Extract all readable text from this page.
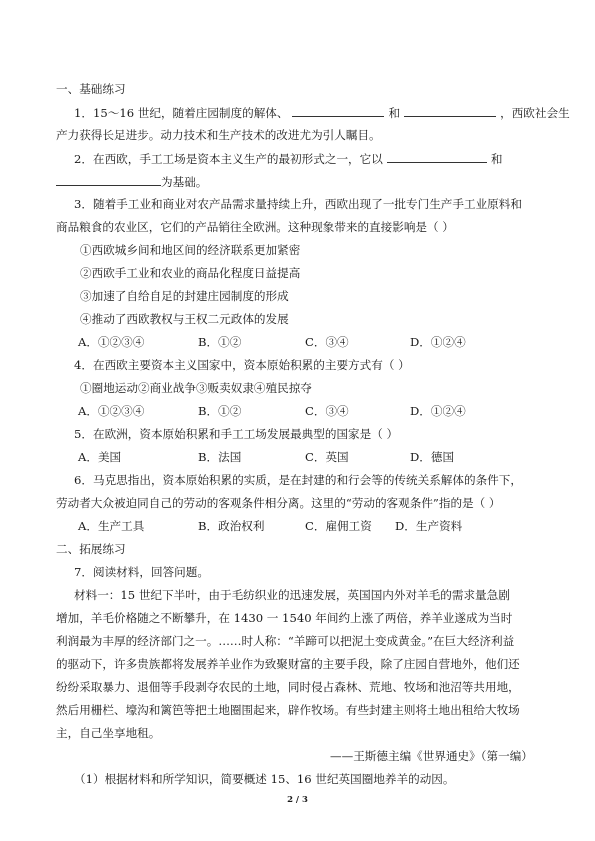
一、基础练习
1．15～16 世纪，随着庄园制度的解体、	和	，西欧社会生
产力获得长足进步。动力技术和生产技术的改进尤为引人瞩目。
2．在西欧，手工工场是资本主义生产的最初形式之一，它以	和
为基础。
3．随着手工业和商业对农产品需求量持续上升，西欧出现了一批专门生产手工业原料和
商品粮食的农业区，它们的产品销往全欧洲。这种现象带来的直接影响是（ ）
①西欧城乡间和地区间的经济联系更加紧密
②西欧手工业和农业的商品化程度日益提高
③加速了自给自足的封建庄园制度的形成
④推动了西欧教权与王权二元政体的发展
A．①②③④	B．①②	C．③④	D．①②④
4．在西欧主要资本主义国家中，资本原始积累的主要方式有（ ）
①圈地运动②商业战争③贩卖奴隶④殖民掠夺
A．①②③④	B．①②	C．③④	D．①②④
5．在欧洲，资本原始积累和手工工场发展最典型的国家是（ ）
A．美国	B．法国	C．英国	D．德国
6．马克思指出，资本原始积累的实质，是在封建的和行会等的传统关系解体的条件下，
劳动者大众被迫同自己的劳动的客观条件相分离。这里的“劳动的客观条件”指的是（ ）
A．生产工具	B．政治权利	C．雇佣工资 D．生产资料
二、拓展练习
7．阅读材料，回答问题。
材料一：15 世纪下半叶，由于毛纺织业的迅速发展，英国国内外对羊毛的需求量急剧
增加，羊毛价格随之不断攀升，在 1430 一 1540 年间约上涨了两倍，养羊业遂成为当时
利润最为丰厚的经济部门之一。……时人称：“羊蹄可以把泥土变成黄金。”在巨大经济利益
的驱动下，许多贵族都将发展养羊业作为致聚财富的主要手段，除了庄园自营地外，他们还
纷纷采取暴力、退佃等手段剥夺农民的土地，同时侵占森林、荒地、牧场和池沼等共用地，
然后用栅栏、壕沟和篱笆等把土地圈围起来，辟作牧场。有些封建主则将土地出租给大牧场
主，自己坐享地租。
——王斯德主编《世界通史》（第一编）
（1）根据材料和所学知识，简要概述 15、16 世纪英国圈地养羊的动因。
2 / 3
